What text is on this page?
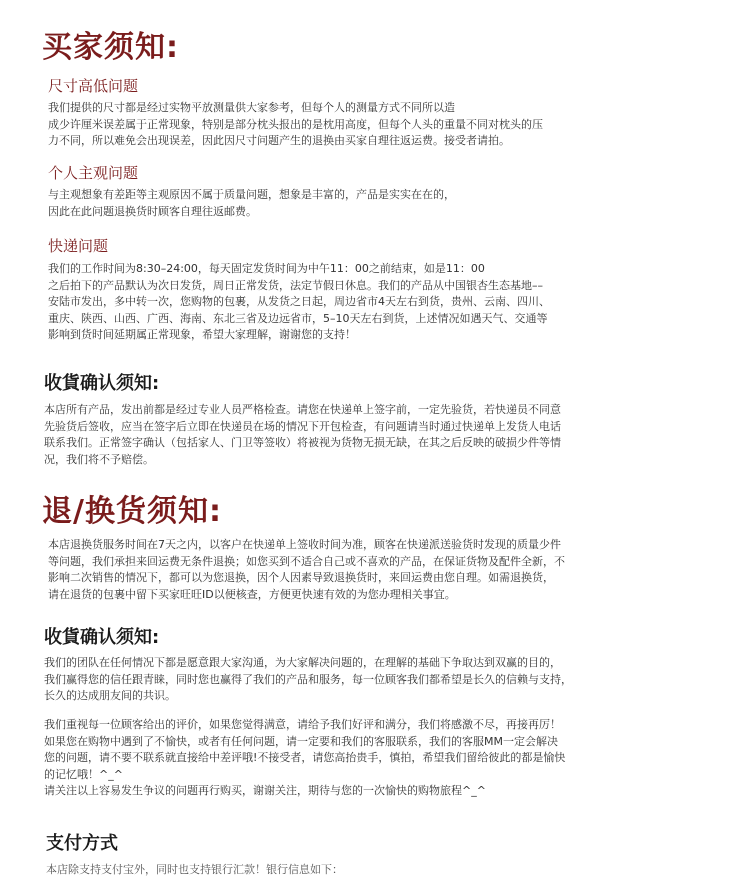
买家须知:
尺寸高低问题
我们提供的尺寸都是经过实物平放测量供大家参考，但每个人的测量方式不同所以造
成少许厘米误差属于正常现象，特别是部分枕头报出的是枕用高度，但每个人头的重量不同对枕头的压
力不同，所以难免会出现误差，因此因尺寸问题产生的退换由买家自理往返运费。接受者请拍。
个人主观问题
与主观想象有差距等主观原因不属于质量问题，想象是丰富的，产品是实实在在的，
因此在此问题退换货时顾客自理往返邮费。
快递问题
我们的工作时间为8:30–24:00，每天固定发货时间为中午11：00之前结束，如是11：00
之后拍下的产品默认为次日发货，周日正常发货，法定节假日休息。我们的产品从中国银杏生态基地––
安陆市发出，多中转一次，您购物的包裹，从发货之日起，周边省市4天左右到货，贵州、云南、四川、
重庆、陕西、山西、广西、海南、东北三省及边远省市，5–10天左右到货，上述情况如遇天气、交通等
影响到货时间延期属正常现象，希望大家理解，谢谢您的支持！
收貨确认须知:
本店所有产品，发出前都是经过专业人员严格检查。请您在快递单上签字前，一定先验货，若快递员不同意
先验货后签收，应当在签字后立即在快递员在场的情况下开包检查，有问题请当时通过快递单上发货人电话
联系我们。正常签字确认（包括家人、门卫等签收）将被视为货物无损无缺，在其之后反映的破损少件等情
况，我们将不予赔偿。
退/换货须知:
本店退换货服务时间在7天之内，以客户在快递单上签收时间为准，顾客在快递派送验货时发现的质量少件
等问题，我们承担来回运费无条件退换；如您买到不适合自己或不喜欢的产品，在保证货物及配件全新，不
影响二次销售的情况下，都可以为您退换，因个人因素导致退换货时，来回运费由您自理。如需退换货，
请在退货的包裹中留下买家旺旺ID以便核查，方便更快速有效的为您办理相关事宜。
收貨确认须知:
我们的团队在任何情况下都是愿意跟大家沟通，为大家解决问题的，在理解的基础下争取达到双赢的目的，
我们赢得您的信任跟青睐，同时您也赢得了我们的产品和服务，每一位顾客我们都希望是长久的信赖与支持，
长久的达成朋友间的共识。
我们重视每一位顾客给出的评价，如果您觉得满意，请给予我们好评和满分，我们将感激不尽，再接再厉！
如果您在购物中遇到了不愉快，或者有任何问题，请一定要和我们的客服联系，我们的客服MM一定会解决
您的问题，请不要不联系就直接给中差评哦!不接受者，请您高抬贵手，慎拍，希望我们留给彼此的都是愉快
的记忆哦！^_^
请关注以上容易发生争议的问题再行购买，谢谢关注，期待与您的一次愉快的购物旅程^_^
支付方式
本店除支持支付宝外，同时也支持银行汇款！银行信息如下：
